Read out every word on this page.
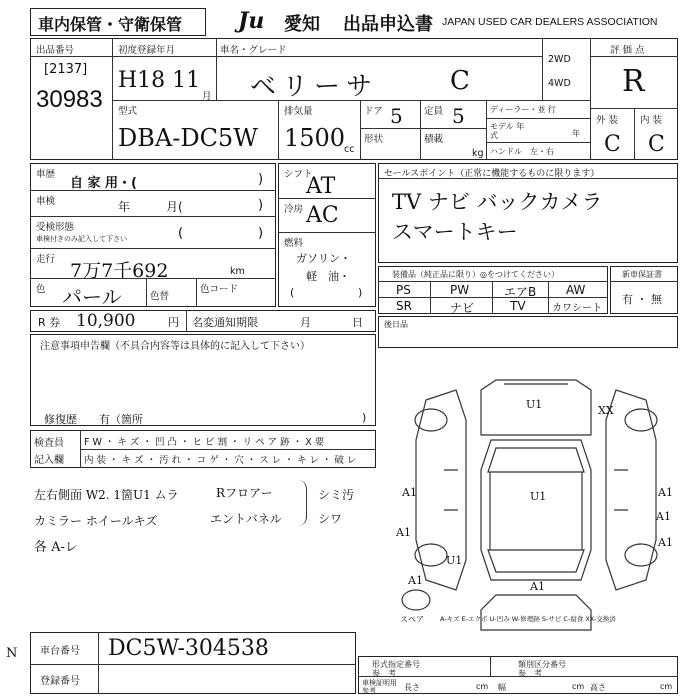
車内保管・守衛保管	Ju	愛知 出品申込書 JAPAN USED CAR DEALERS ASSOCIATION
出品番号
[2137]
30983
初度登録年月
H18 11
月
車名・グレード
ベリーサ	C
2WD
4WD
評 価 点
R
外 装 内 装
C C
型式
DBA-DC5W
排気量
1500
cc
ドア 5 定員 5
形状	積載
kg
ディーラー・並 行
モデル 年式	年
ハンドル　左・右
車歴
自 家 用・(	)
車検	年　　　月(	)
受検形態
車検付きのみ記入して下さい	(	)
走行
7万7千692	km
色 パール	色替
色コード
シフト
AT
冷房 AC
燃料
ガソリン・
軽　油・
(	)
セールスポイント（正常に機能するものに限ります）
TV ナビ バックカメラ
スマートキー
装備品（純正品に限り）◎をつけてください）
PS	PW	エアB AW
SR	ナビ	TV	カワシート
新車保証書
有 ・ 無
R 券 10,900	円 名変通知期限	月	日	後日品
注意事項申告欄（不具合内容等は具体的に記入して下さい）
修復歴　　有（箇所	)
検査員
記入欄
F W ・ キ ズ ・ 凹 凸 ・ ヒ ビ 割 ・ リ ペ ア 跡 ・ X 要
内 装 ・ キ ズ ・ 汚 れ ・ コ ゲ ・ 穴 ・ ス レ ・ キ レ ・ 破 レ
左右側面 W2. 1箇U1 ムラ	Rフロアー	シミ汚
カミラー ホイールキズ	エントバネル	シワ
各 A-レ
U1	XX
A1	A1
A1
U1
A1
A1
A1
U1
A1
スペア A-キズ E-エクボ U-凹み W-修理跡 S-サビ C-腐食 XX-交換済
車台番号 DC5W-304538
登録番号
N
形式指定番号
参　考
類別区分番号
参　考
車検証明用参考	長さ	cm 幅	cm 高さ	cm
